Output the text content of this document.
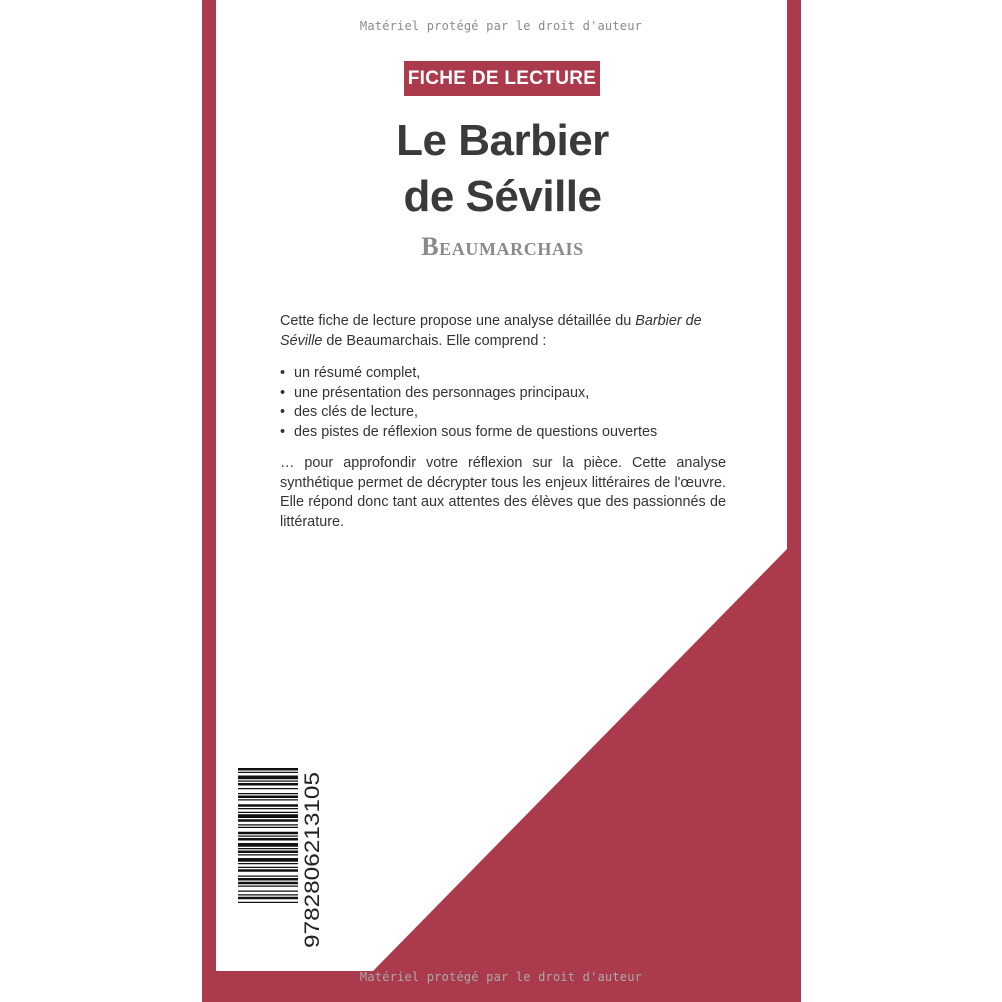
Matériel protégé par le droit d'auteur
FICHE DE LECTURE
Le Barbier
de Séville
Beaumarchais
Cette fiche de lecture propose une analyse détaillée du Barbier de Séville de Beaumarchais. Elle comprend :
• un résumé complet,
• une présentation des personnages principaux,
• des clés de lecture,
• des pistes de réflexion sous forme de questions ouvertes
… pour approfondir votre réflexion sur la pièce. Cette analyse synthétique permet de décrypter tous les enjeux littéraires de l'œuvre. Elle répond donc tant aux attentes des élèves que des passionnés de littérature.
9782806213105
Matériel protégé par le droit d'auteur
